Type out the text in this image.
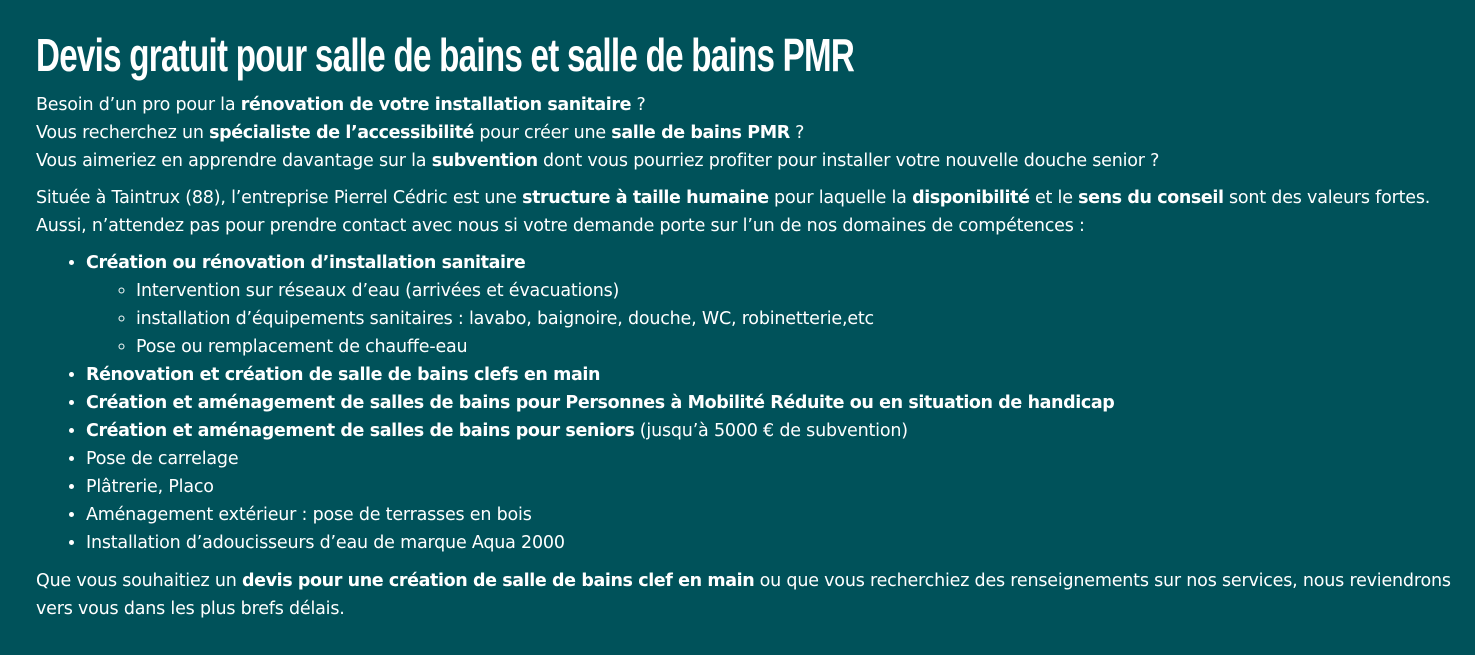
Devis gratuit pour salle de bains et salle de bains PMR

Besoin d’un pro pour la rénovation de votre installation sanitaire ?
Vous recherchez un spécialiste de l’accessibilité pour créer une salle de bains PMR ?
Vous aimeriez en apprendre davantage sur la subvention dont vous pourriez profiter pour installer votre nouvelle douche senior ?

Située à Taintrux (88), l’entreprise Pierrel Cédric est une structure à taille humaine pour laquelle la disponibilité et le sens du conseil sont des valeurs fortes. Aussi, n’attendez pas pour prendre contact avec nous si votre demande porte sur l’un de nos domaines de compétences :

• Création ou rénovation d’installation sanitaire
◦ Intervention sur réseaux d’eau (arrivées et évacuations)
◦ installation d’équipements sanitaires : lavabo, baignoire, douche, WC, robinetterie,etc
◦ Pose ou remplacement de chauffe-eau
• Rénovation et création de salle de bains clefs en main
• Création et aménagement de salles de bains pour Personnes à Mobilité Réduite ou en situation de handicap
• Création et aménagement de salles de bains pour seniors (jusqu’à 5000 € de subvention)
• Pose de carrelage
• Plâtrerie, Placo
• Aménagement extérieur : pose de terrasses en bois
• Installation d’adoucisseurs d’eau de marque Aqua 2000

Que vous souhaitiez un devis pour une création de salle de bains clef en main ou que vous recherchiez des renseignements sur nos services, nous reviendrons vers vous dans les plus brefs délais.
